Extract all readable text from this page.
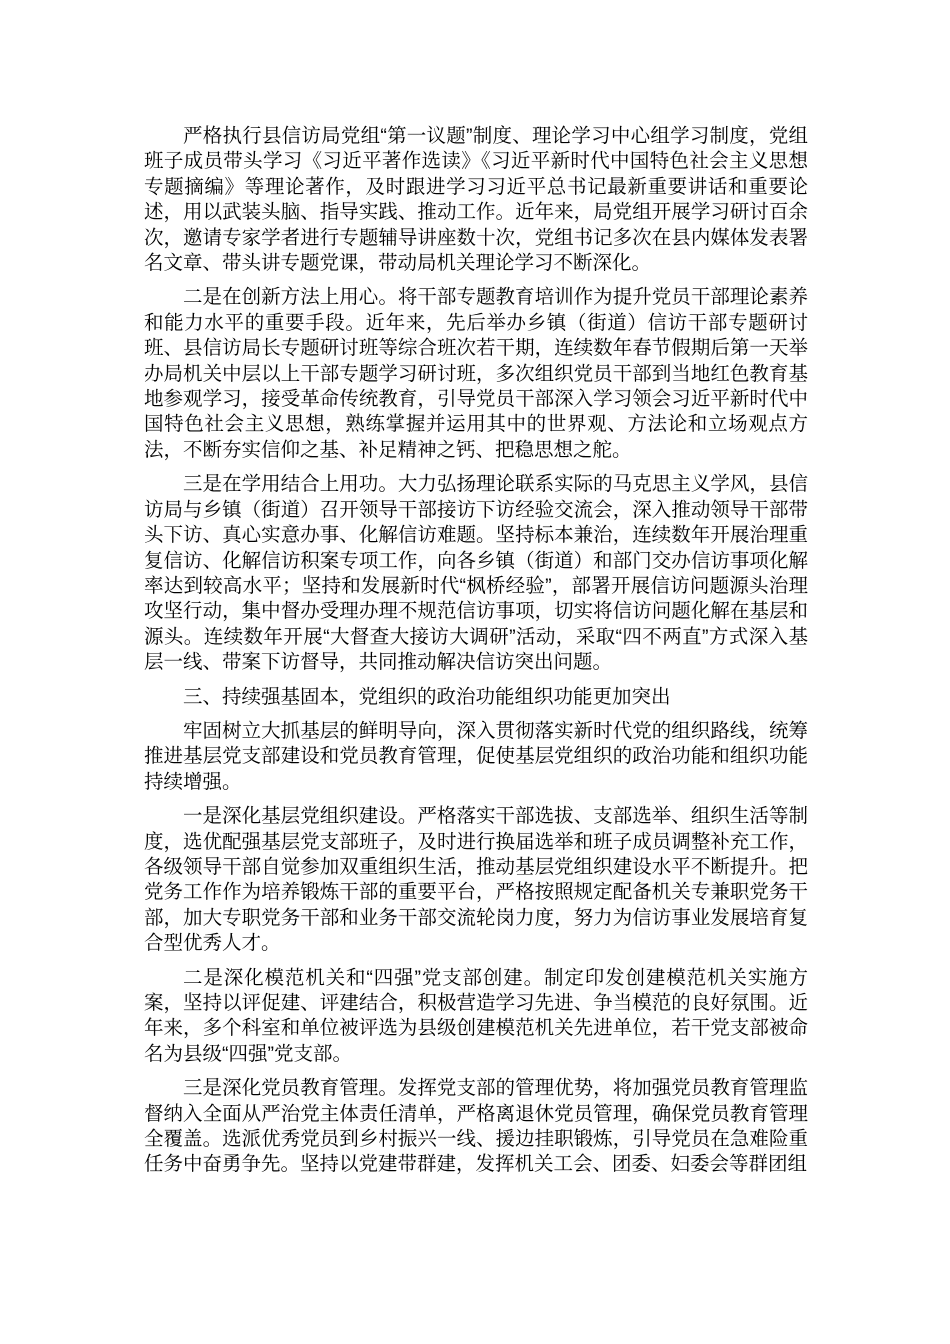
严格执行县信访局党组“第一议题”制度、理论学习中心组学习制度，党组班子成员带头学习《习近平著作选读》《习近平新时代中国特色社会主义思想专题摘编》等理论著作，及时跟进学习习近平总书记最新重要讲话和重要论述，用以武装头脑、指导实践、推动工作。近年来，局党组开展学习研讨百余次，邀请专家学者进行专题辅导讲座数十次，党组书记多次在县内媒体发表署名文章、带头讲专题党课，带动局机关理论学习不断深化。

二是在创新方法上用心。将干部专题教育培训作为提升党员干部理论素养和能力水平的重要手段。近年来，先后举办乡镇（街道）信访干部专题研讨班、县信访局长专题研讨班等综合班次若干期，连续数年春节假期后第一天举办局机关中层以上干部专题学习研讨班，多次组织党员干部到当地红色教育基地参观学习，接受革命传统教育，引导党员干部深入学习领会习近平新时代中国特色社会主义思想，熟练掌握并运用其中的世界观、方法论和立场观点方法，不断夯实信仰之基、补足精神之钙、把稳思想之舵。

三是在学用结合上用功。大力弘扬理论联系实际的马克思主义学风，县信访局与乡镇（街道）召开领导干部接访下访经验交流会，深入推动领导干部带头下访、真心实意办事、化解信访难题。坚持标本兼治，连续数年开展治理重复信访、化解信访积案专项工作，向各乡镇（街道）和部门交办信访事项化解率达到较高水平；坚持和发展新时代“枫桥经验”，部署开展信访问题源头治理攻坚行动，集中督办受理办理不规范信访事项，切实将信访问题化解在基层和源头。连续数年开展“大督查大接访大调研”活动，采取“四不两直”方式深入基层一线、带案下访督导，共同推动解决信访突出问题。

三、持续强基固本，党组织的政治功能组织功能更加突出

牢固树立大抓基层的鲜明导向，深入贯彻落实新时代党的组织路线，统筹推进基层党支部建设和党员教育管理，促使基层党组织的政治功能和组织功能持续增强。

一是深化基层党组织建设。严格落实干部选拔、支部选举、组织生活等制度，选优配强基层党支部班子，及时进行换届选举和班子成员调整补充工作，各级领导干部自觉参加双重组织生活，推动基层党组织建设水平不断提升。把党务工作作为培养锻炼干部的重要平台，严格按照规定配备机关专兼职党务干部，加大专职党务干部和业务干部交流轮岗力度，努力为信访事业发展培育复合型优秀人才。

二是深化模范机关和“四强”党支部创建。制定印发创建模范机关实施方案，坚持以评促建、评建结合，积极营造学习先进、争当模范的良好氛围。近年来，多个科室和单位被评选为县级创建模范机关先进单位，若干党支部被命名为县级“四强”党支部。

三是深化党员教育管理。发挥党支部的管理优势，将加强党员教育管理监督纳入全面从严治党主体责任清单，严格离退休党员管理，确保党员教育管理全覆盖。选派优秀党员到乡村振兴一线、援边挂职锻炼，引导党员在急难险重任务中奋勇争先。坚持以党建带群建，发挥机关工会、团委、妇委会等群团组
